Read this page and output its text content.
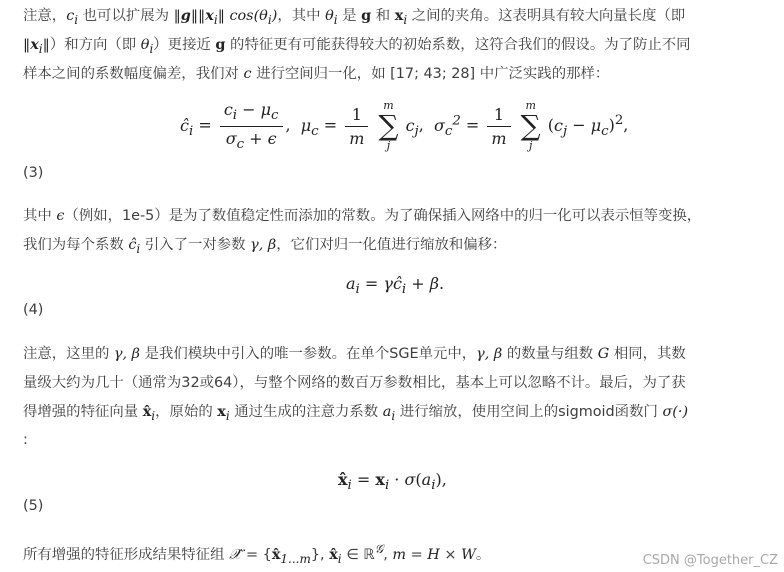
注意，$c_i$ 也可以扩展为 $‖g‖‖x_i‖$ $\cos(\theta_i)$，其中 $\theta_i$ 是 g 和 $x_i$ 之间的夹角。这表明具有较大向量长度（即
$‖x_i‖$）和方向（即 $\theta_i$）更接近 g 的特征更有可能获得较大的初始系数，这符合我们的假设。为了防止不同
样本之间的系数幅度偏差，我们对 c 进行空间归一化，如 [17; 43; 28] 中广泛实践的那样：
$ĉ_i = \frac{c_i - \mu_c}{\sigma_c + \epsilon}$ ,  $\mu_c = \frac{1}{m}$
	m
∑
j
$c_j$,  $\sigma_c^2 = \frac{1}{m}$
	m
∑
j
$(c_j - \mu_c)^2$,
(3)
其中 ϵ（例如，1e-5）是为了数值稳定性而添加的常数。为了确保插入网络中的归一化可以表示恒等变换，
我们为每个系数 $ĉ_i$ 引入了一对参数 γ, β，它们对归一化值进行缩放和偏移：
$a_i$ = $\gamma ĉ_i + \beta$.
(4)
注意，这里的 γ, β 是我们模块中引入的唯一参数。在单个SGE单元中，γ, β 的数量与组数 G 相同，其数
量级大约为几十（通常为32或64），与整个网络的数百万参数相比，基本上可以忽略不计。最后，为了获
得增强的特征向量 $x̂_i$，原始的 $x_i$ 通过生成的注意力系数 $a_i$ 进行缩放，使用空间上的sigmoid函数门 σ(·)
:
$x̂_i = x_i \cdot \sigma(a_i)$,
(5)
所有增强的特征形成结果特征组 𝒳̂ = $\{x̂_{1...m}\}$, $x̂_i$ ∈ ℝ$^𝒢$, m = H × W。	CSDN @Together_CZ
